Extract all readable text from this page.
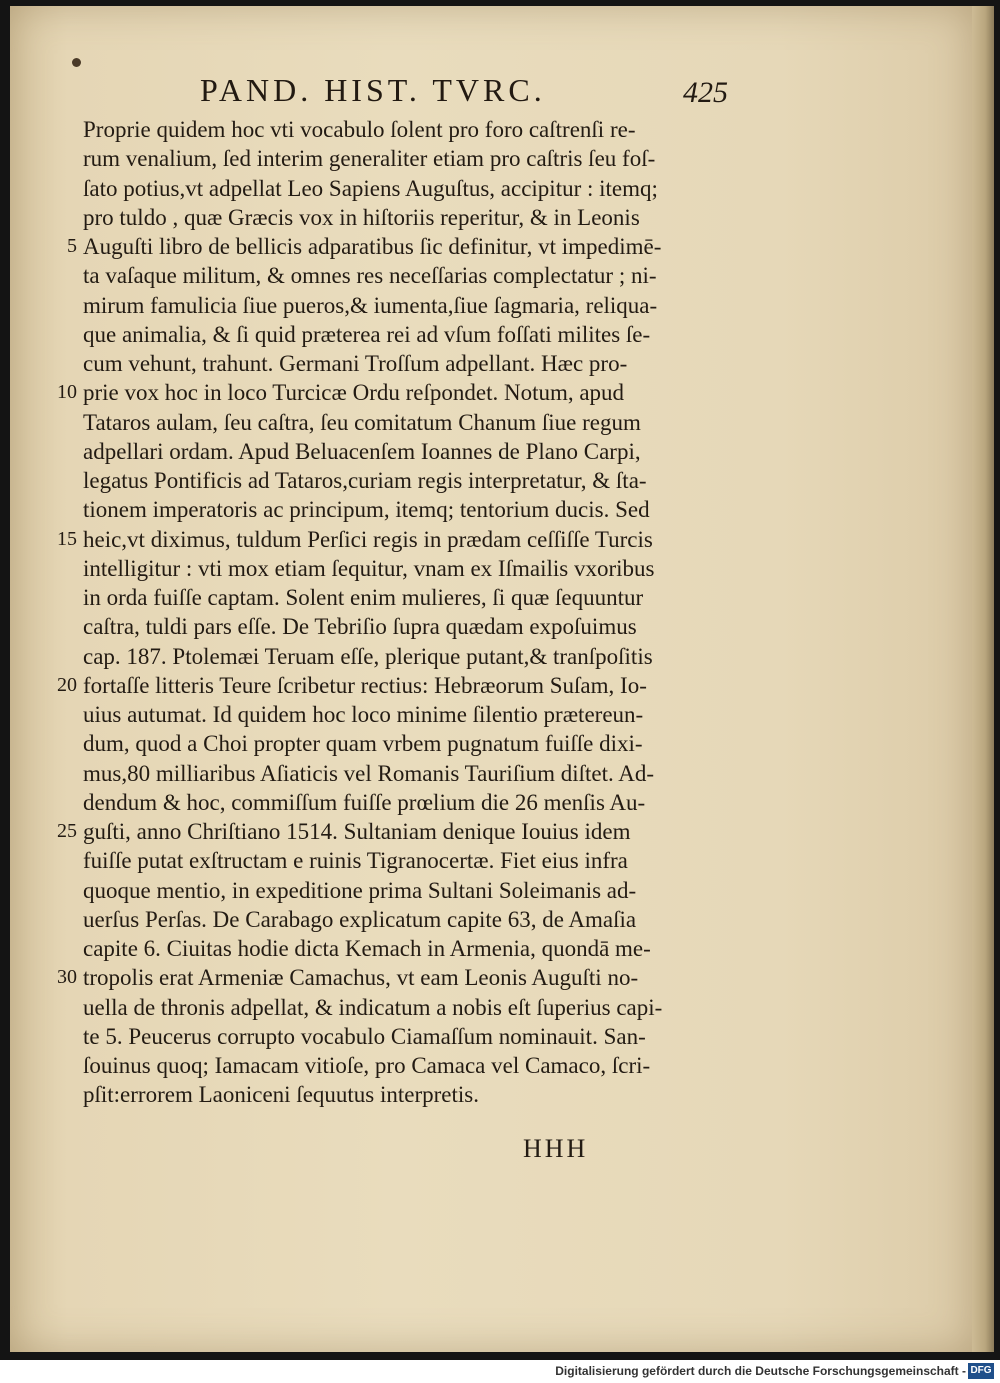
PAND. HIST. TVRC.	425
Proprie quidem hoc vti vocabulo ſolent pro foro caſtrenſi re-
rum venalium, ſed interim generaliter etiam pro caſtris ſeu foſ-
ſato potius,vt adpellat Leo Sapiens Auguſtus, accipitur : itemq;
pro tuldo , quæ Græcis vox in hiſtoriis reperitur, & in Leonis
5 Auguſti libro de bellicis adparatibus ſic definitur, vt impedimē-
ta vaſaque militum, & omnes res neceſſarias complectatur ; ni-
mirum famulicia ſiue pueros,& iumenta,ſiue ſagmaria, reliqua-
que animalia, & ſi quid præterea rei ad vſum foſſati milites ſe-
cum vehunt, trahunt. Germani Troſſum adpellant. Hæc pro-
10 prie vox hoc in loco Turcicæ Ordu reſpondet. Notum, apud
Tataros aulam, ſeu caſtra, ſeu comitatum Chanum ſiue regum
adpellari ordam. Apud Beluacenſem Ioannes de Plano Carpi,
legatus Pontificis ad Tataros,curiam regis interpretatur, & ſta-
tionem imperatoris ac principum, itemq; tentorium ducis. Sed
15 heic,vt diximus, tuldum Perſici regis in prædam ceſſiſſe Turcis
intelligitur : vti mox etiam ſequitur, vnam ex Iſmailis vxoribus
in orda fuiſſe captam. Solent enim mulieres, ſi quæ ſequuntur
caſtra, tuldi pars eſſe. De Tebriſio ſupra quædam expoſuimus
cap. 187. Ptolemæi Teruam eſſe, plerique putant,& tranſpoſitis
20 fortaſſe litteris Teure ſcribetur rectius: Hebræorum Suſam, Io-
uius autumat. Id quidem hoc loco minime ſilentio prætereun-
dum, quod a Choi propter quam vrbem pugnatum fuiſſe dixi-
mus,80 milliaribus Aſiaticis vel Romanis Tauriſium diſtet. Ad-
dendum & hoc, commiſſum fuiſſe prœlium die 26 menſis Au-
25 guſti, anno Chriſtiano 1514. Sultaniam denique Iouius idem
fuiſſe putat exſtructam e ruinis Tigranocertæ. Fiet eius infra
quoque mentio, in expeditione prima Sultani Soleimanis ad-
uerſus Perſas. De Carabago explicatum capite 63, de Amaſia
capite 6. Ciuitas hodie dicta Kemach in Armenia, quondā me-
30 tropolis erat Armeniæ Camachus, vt eam Leonis Auguſti no-
uella de thronis adpellat, & indicatum a nobis eſt ſuperius capi-
te 5. Peucerus corrupto vocabulo Ciamaſſum nominauit. San-
ſouinus quoq; Iamacam vitioſe, pro Camaca vel Camaco, ſcri-
pſit:errorem Laoniceni ſequutus interpretis.
HHH
Digitalisierung gefördert durch die Deutsche Forschungsgemeinschaft - DFG
